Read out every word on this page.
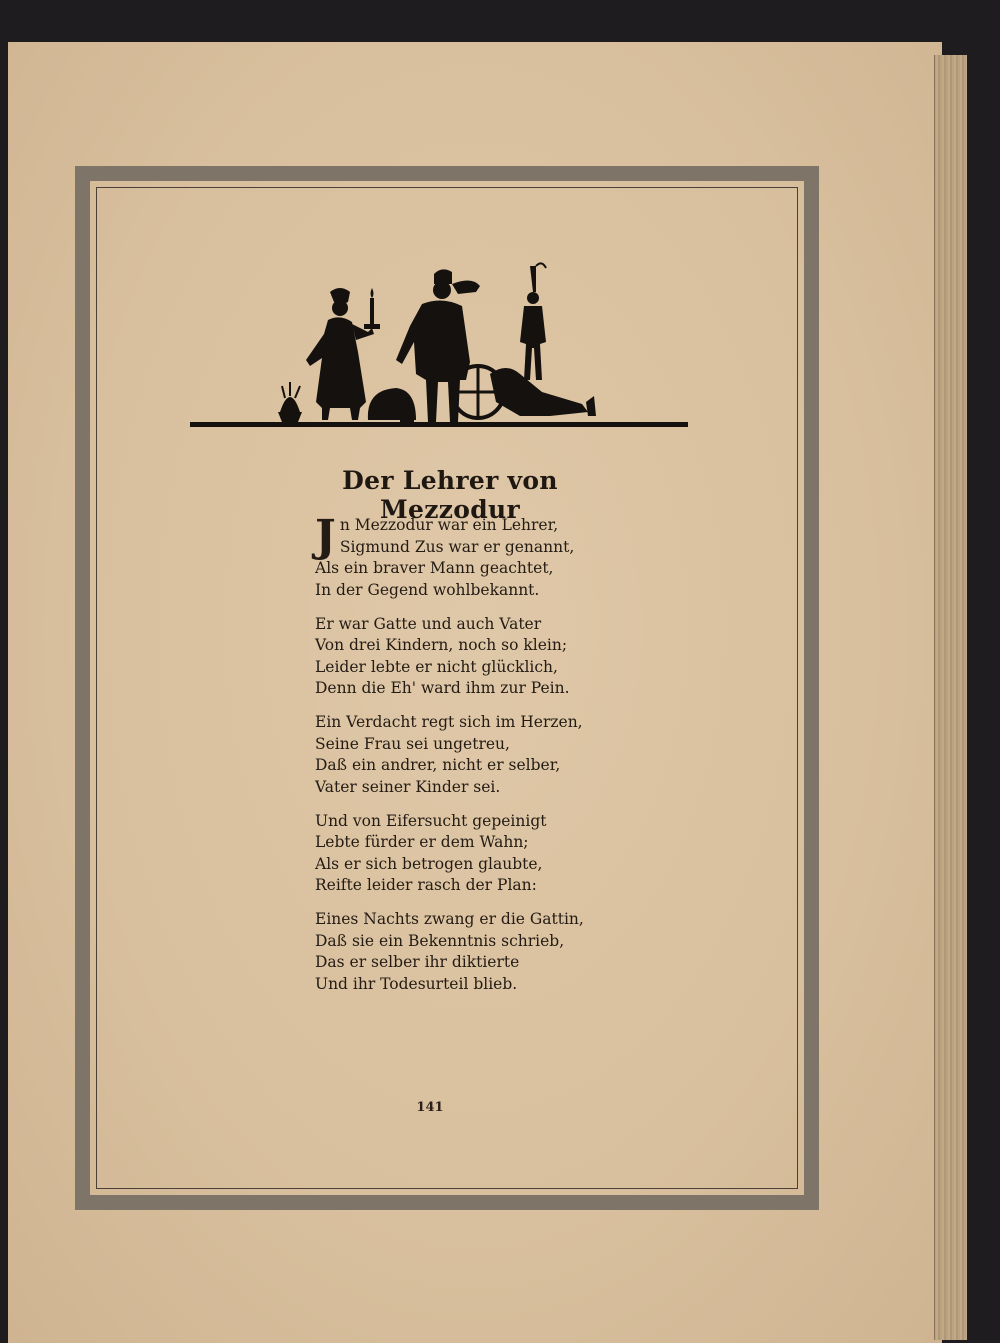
Der Lehrer von Mezzodur
J n Mezzodur war ein Lehrer,
Sigmund Zus war er genannt,
Als ein braver Mann geachtet,
In der Gegend wohlbekannt.
Er war Gatte und auch Vater
Von drei Kindern, noch so klein;
Leider lebte er nicht glücklich,
Denn die Eh' ward ihm zur Pein.
Ein Verdacht regt sich im Herzen,
Seine Frau sei ungetreu,
Daß ein andrer, nicht er selber,
Vater seiner Kinder sei.
Und von Eifersucht gepeinigt
Lebte fürder er dem Wahn;
Als er sich betrogen glaubte,
Reifte leider rasch der Plan:
Eines Nachts zwang er die Gattin,
Daß sie ein Bekenntnis schrieb,
Das er selber ihr diktierte
Und ihr Todesurteil blieb.
141
